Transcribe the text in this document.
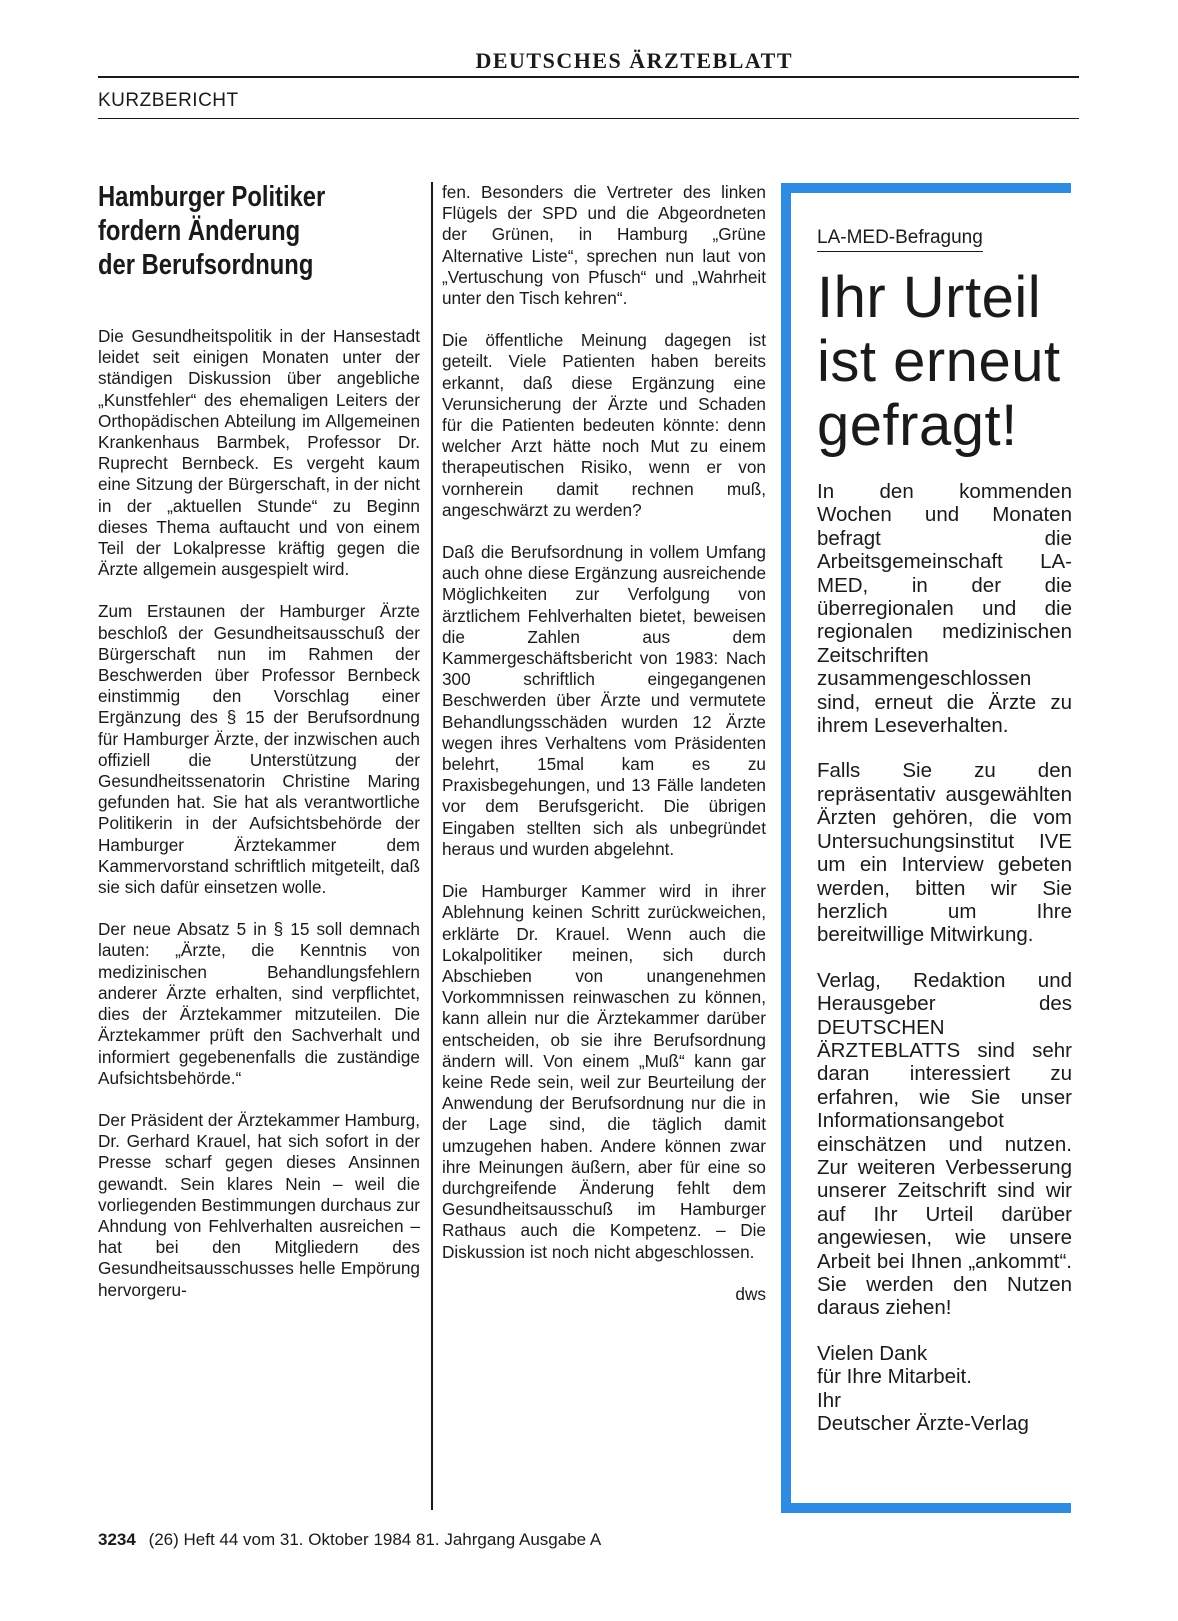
DEUTSCHES ÄRZTEBLATT
KURZBERICHT
Hamburger Politiker
fordern Änderung
der Berufsordnung

Die Gesundheitspolitik in der Hansestadt leidet seit einigen Monaten unter der ständigen Diskussion über angebliche „Kunstfehler“ des ehemaligen Leiters der Orthopädischen Abteilung im Allgemeinen Krankenhaus Barmbek, Professor Dr. Ruprecht Bernbeck. Es vergeht kaum eine Sitzung der Bürgerschaft, in der nicht in der „aktuellen Stunde“ zu Beginn dieses Thema auftaucht und von einem Teil der Lokalpresse kräftig gegen die Ärzte allgemein ausgespielt wird.

Zum Erstaunen der Hamburger Ärzte beschloß der Gesundheitsausschuß der Bürgerschaft nun im Rahmen der Beschwerden über Professor Bernbeck einstimmig den Vorschlag einer Ergänzung des § 15 der Berufsordnung für Hamburger Ärzte, der inzwischen auch offiziell die Unterstützung der Gesundheitssenatorin Christine Maring gefunden hat. Sie hat als verantwortliche Politikerin in der Aufsichtsbehörde der Hamburger Ärztekammer dem Kammervorstand schriftlich mitgeteilt, daß sie sich dafür einsetzen wolle.

Der neue Absatz 5 in § 15 soll demnach lauten: „Ärzte, die Kenntnis von medizinischen Behandlungsfehlern anderer Ärzte erhalten, sind verpflichtet, dies der Ärztekammer mitzuteilen. Die Ärztekammer prüft den Sachverhalt und informiert gegebenenfalls die zuständige Aufsichtsbehörde.“

Der Präsident der Ärztekammer Hamburg, Dr. Gerhard Krauel, hat sich sofort in der Presse scharf gegen dieses Ansinnen gewandt. Sein klares Nein – weil die vorliegenden Bestimmungen durchaus zur Ahndung von Fehlverhalten ausreichen – hat bei den Mitgliedern des Gesundheitsausschusses helle Empörung hervorgeru-

fen. Besonders die Vertreter des linken Flügels der SPD und die Abgeordneten der Grünen, in Hamburg „Grüne Alternative Liste“, sprechen nun laut von „Vertuschung von Pfusch“ und „Wahrheit unter den Tisch kehren“.

Die öffentliche Meinung dagegen ist geteilt. Viele Patienten haben bereits erkannt, daß diese Ergänzung eine Verunsicherung der Ärzte und Schaden für die Patienten bedeuten könnte: denn welcher Arzt hätte noch Mut zu einem therapeutischen Risiko, wenn er von vornherein damit rechnen muß, angeschwärzt zu werden?

Daß die Berufsordnung in vollem Umfang auch ohne diese Ergänzung ausreichende Möglichkeiten zur Verfolgung von ärztlichem Fehlverhalten bietet, beweisen die Zahlen aus dem Kammergeschäftsbericht von 1983: Nach 300 schriftlich eingegangenen Beschwerden über Ärzte und vermutete Behandlungsschäden wurden 12 Ärzte wegen ihres Verhaltens vom Präsidenten belehrt, 15mal kam es zu Praxisbegehungen, und 13 Fälle landeten vor dem Berufsgericht. Die übrigen Eingaben stellten sich als unbegründet heraus und wurden abgelehnt.

Die Hamburger Kammer wird in ihrer Ablehnung keinen Schritt zurückweichen, erklärte Dr. Krauel. Wenn auch die Lokalpolitiker meinen, sich durch Abschieben von unangenehmen Vorkommnissen reinwaschen zu können, kann allein nur die Ärztekammer darüber entscheiden, ob sie ihre Berufsordnung ändern will. Von einem „Muß“ kann gar keine Rede sein, weil zur Beurteilung der Anwendung der Berufsordnung nur die in der Lage sind, die täglich damit umzugehen haben. Andere können zwar ihre Meinungen äußern, aber für eine so durchgreifende Änderung fehlt dem Gesundheitsausschuß im Hamburger Rathaus auch die Kompetenz. – Die Diskussion ist noch nicht abgeschlossen.

dws
LA-MED-Befragung
Ihr Urteil
ist erneut
gefragt!

In den kommenden Wochen und Monaten befragt die Arbeitsgemeinschaft LA-MED, in der die überregionalen und die regionalen medizinischen Zeitschriften zusammengeschlossen sind, erneut die Ärzte zu ihrem Leseverhalten.

Falls Sie zu den repräsentativ ausgewählten Ärzten gehören, die vom Untersuchungsinstitut IVE um ein Interview gebeten werden, bitten wir Sie herzlich um Ihre bereitwillige Mitwirkung.

Verlag, Redaktion und Herausgeber des DEUTSCHEN ÄRZTEBLATTS sind sehr daran interessiert zu erfahren, wie Sie unser Informationsangebot einschätzen und nutzen. Zur weiteren Verbesserung unserer Zeitschrift sind wir auf Ihr Urteil darüber angewiesen, wie unsere Arbeit bei Ihnen „ankommt“. Sie werden den Nutzen daraus ziehen!

Vielen Dank
für Ihre Mitarbeit.
Ihr
Deutscher Ärzte-Verlag
3234 (26) Heft 44 vom 31. Oktober 1984 81. Jahrgang Ausgabe A
